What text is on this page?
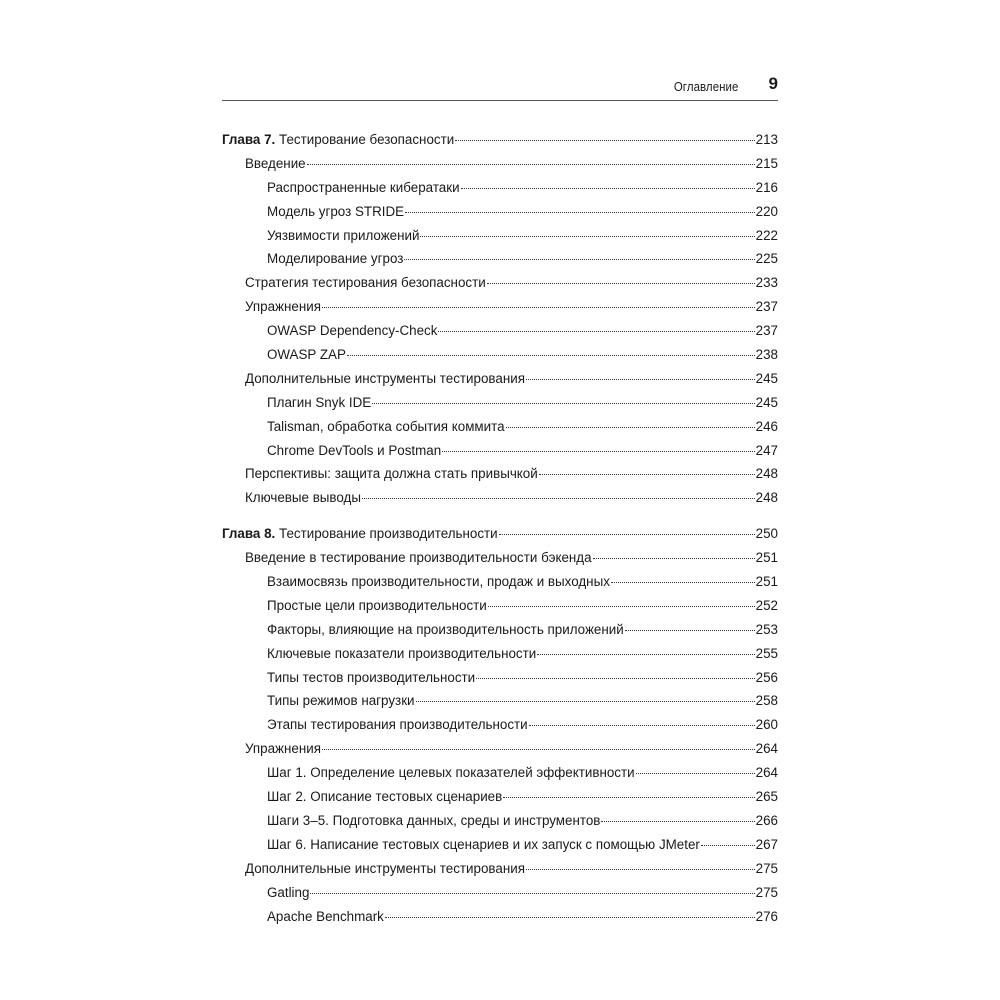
Оглавление 9
Глава 7. Тестирование безопасности	213
Введение	215
Распространенные кибератаки	216
Модель угроз STRIDE	220
Уязвимости приложений	222
Моделирование угроз	225
Стратегия тестирования безопасности	233
Упражнения	237
OWASP Dependency-Check	237
OWASP ZAP	238
Дополнительные инструменты тестирования	245
Плагин Snyk IDE	245
Talisman, обработка события коммита	246
Chrome DevTools и Postman	247
Перспективы: защита должна стать привычкой	248
Ключевые выводы	248
Глава 8. Тестирование производительности	250
Введение в тестирование производительности бэкенда	251
Взаимосвязь производительности, продаж и выходных	251
Простые цели производительности	252
Факторы, влияющие на производительность приложений	253
Ключевые показатели производительности	255
Типы тестов производительности	256
Типы режимов нагрузки	258
Этапы тестирования производительности	260
Упражнения	264
Шаг 1. Определение целевых показателей эффективности	264
Шаг 2. Описание тестовых сценариев	265
Шаги 3–5. Подготовка данных, среды и инструментов	266
Шаг 6. Написание тестовых сценариев и их запуск с помощью JMeter	267
Дополнительные инструменты тестирования	275
Gatling	275
Apache Benchmark	276
